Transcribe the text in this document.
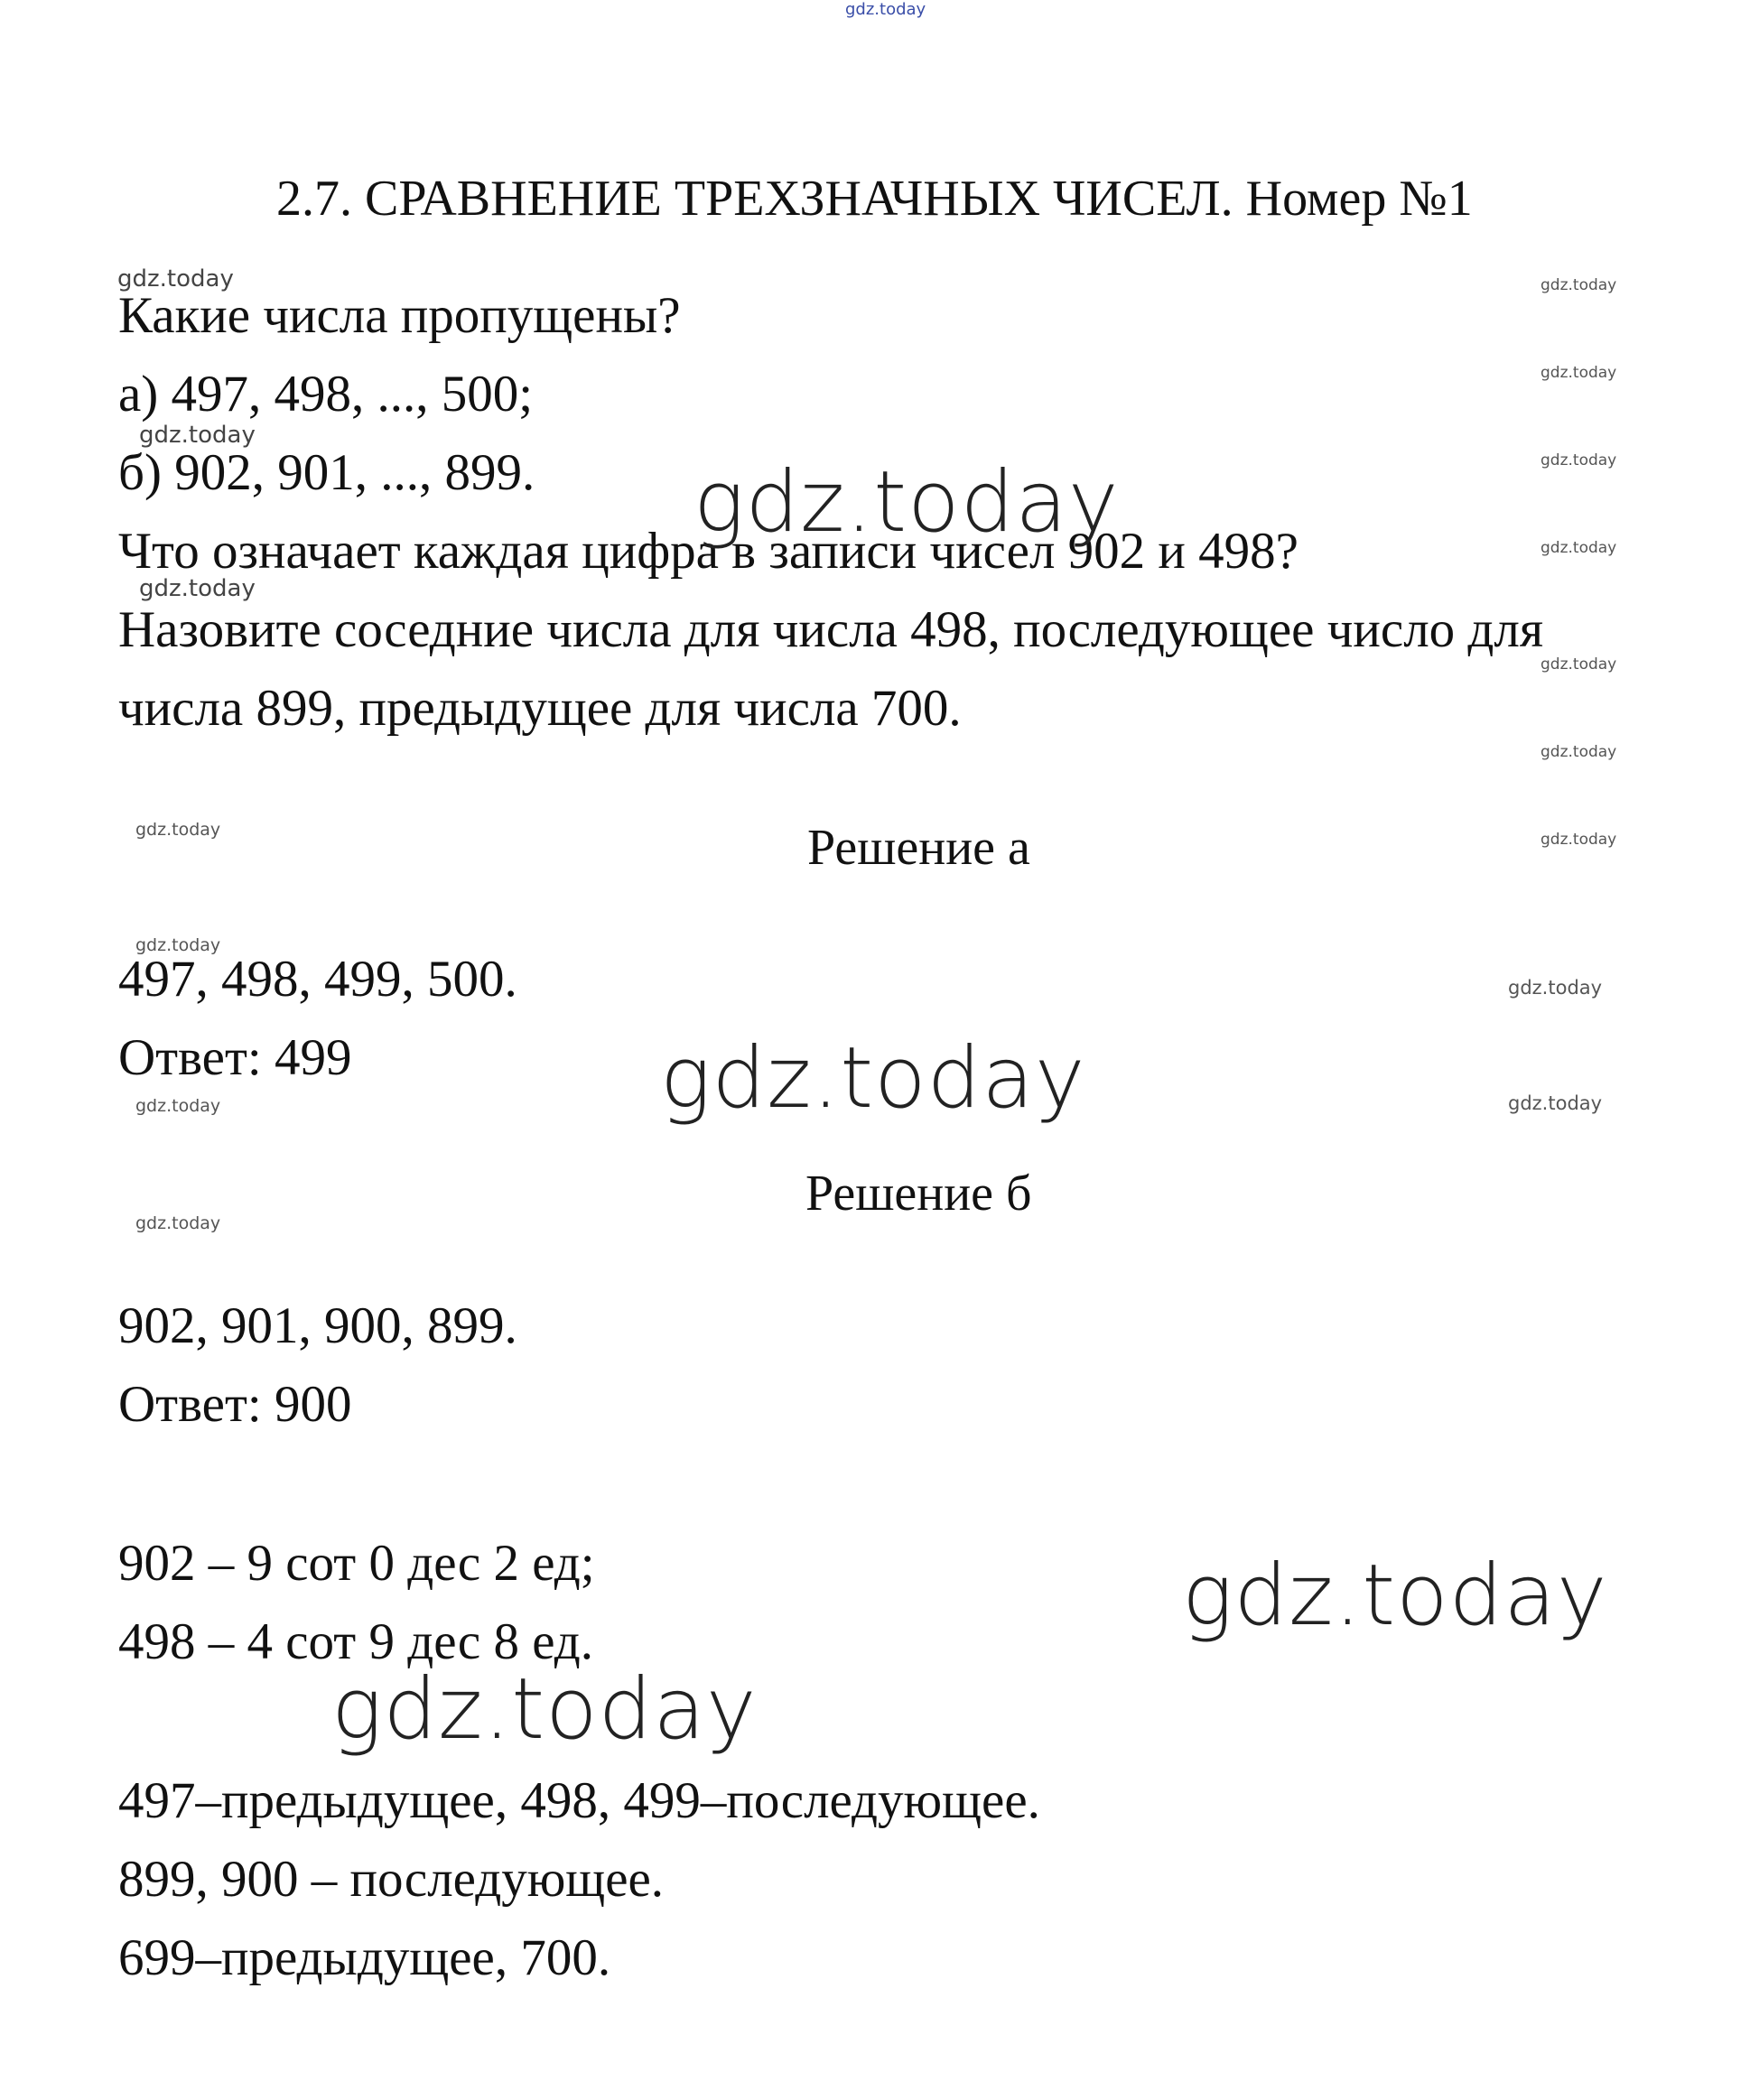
gdz.today
2.7. СРАВНЕНИЕ ТРЕХЗНАЧНЫХ ЧИСЕЛ. Номер №1
Какие числа пропущены?
а) 497, 498, ..., 500;
б) 902, 901, ..., 899.
Что означает каждая цифра в записи чисел 902 и 498?
Назовите соседние числа для числа 498, последующее число для
числа 899, предыдущее для числа 700.
Решение а
497, 498, 499, 500.
Ответ: 499
Решение б
902, 901, 900, 899.
Ответ: 900
902 – 9 сот 0 дес 2 ед;
498 – 4 сот 9 дес 8 ед.
497–предыдущее, 498, 499–последующее.
899, 900 – последующее.
699–предыдущее, 700.
gdz.today
gdz.today
gdz.today
gdz.today
gdz.today
gdz.today
gdz.today
gdz.today
gdz.today
gdz.today
gdz.today
gdz.today
gdz.today
gdz.today
gdz.today
gdz.today
gdz.today
gdz.today
gdz.today
gdz.today
